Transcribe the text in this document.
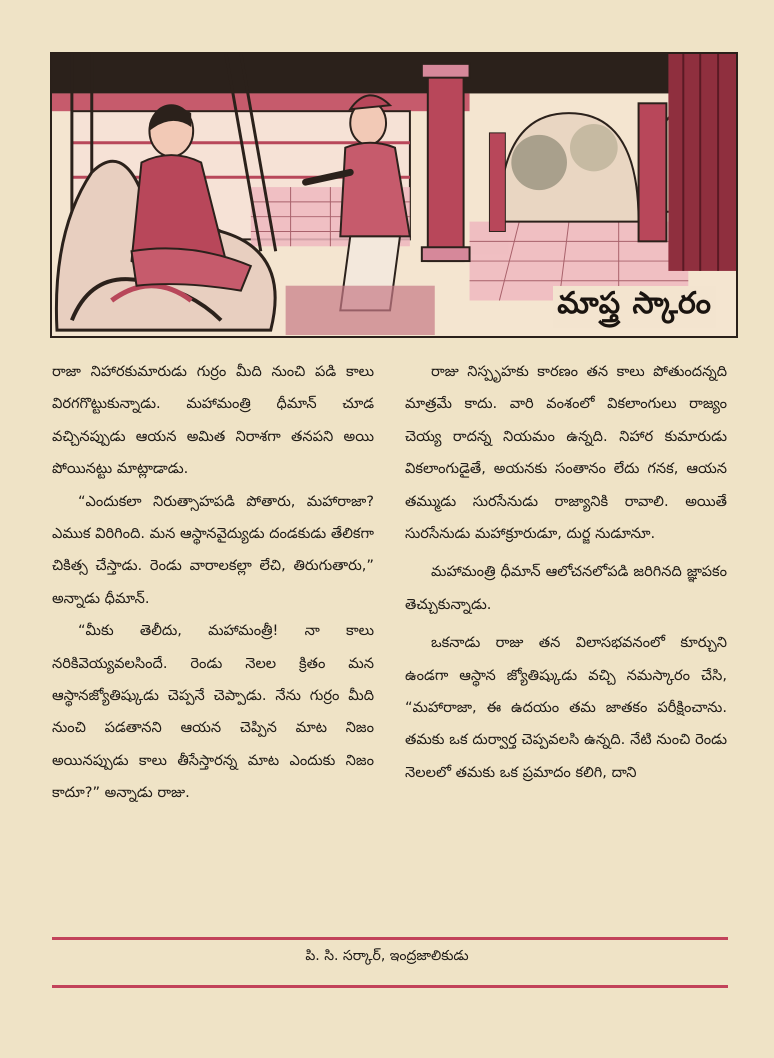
మాప్త్ర స్కారం

రాజా నిహారకుమారుడు గుర్రం మీది నుంచి పడి కాలు విరగగొట్టుకున్నాడు. మహామంత్రి ధీమాన్ చూడ వచ్చినప్పుడు ఆయన అమిత నిరాశగా తనపని అయి పోయినట్టు మాట్లాడాడు.

“ఎందుకలా నిరుత్సాహపడి పోతారు, మహారాజా? ఎముక విరిగింది. మన ఆస్థానవైద్యుడు దండకుడు తేలికగా చికిత్స చేస్తాడు. రెండు వారాలకల్లా లేచి, తిరుగుతారు,” అన్నాడు ధీమాన్.

“మీకు తెలీదు, మహామంత్రీ! నా కాలు నరికివెయ్యవలసిందే. రెండు నెలల క్రితం మన ఆస్థానజ్యోతిష్కుడు చెప్పనే చెప్పాడు. నేను గుర్రం మీది నుంచి పడతానని ఆయన చెప్పిన మాట నిజం అయినప్పుడు కాలు తీసేస్తారన్న మాట ఎందుకు నిజం కాదూ?” అన్నాడు రాజు.

రాజు నిస్పృహకు కారణం తన కాలు పోతుందన్నది మాత్రమే కాదు. వారి వంశంలో వికలాంగులు రాజ్యం చెయ్య రాదన్న నియమం ఉన్నది. నిహార కుమారుడు వికలాంగుడైతే, అయనకు సంతానం లేదు గనక, ఆయన తమ్ముడు సురసేనుడు రాజ్యానికి రావాలి. అయితే సురసేనుడు మహాక్రూరుడూ, దుర్జ నుడూనూ.

మహామంత్రి ధీమాన్ ఆలోచనలోపడి జరిగినది జ్ఞాపకం తెచ్చుకున్నాడు.

ఒకనాడు రాజు తన విలాసభవనంలో కూర్చుని ఉండగా ఆస్థాన జ్యోతిష్కుడు వచ్చి నమస్కారం చేసి, “మహారాజా, ఈ ఉదయం తమ జాతకం పరీక్షించాను. తమకు ఒక దుర్వార్త చెప్పవలసి ఉన్నది. నేటి నుంచి రెండు నెలలలో తమకు ఒక ప్రమాదం కలిగి, దాని

పి. సి. సర్కార్, ఇంద్రజాలికుడు
